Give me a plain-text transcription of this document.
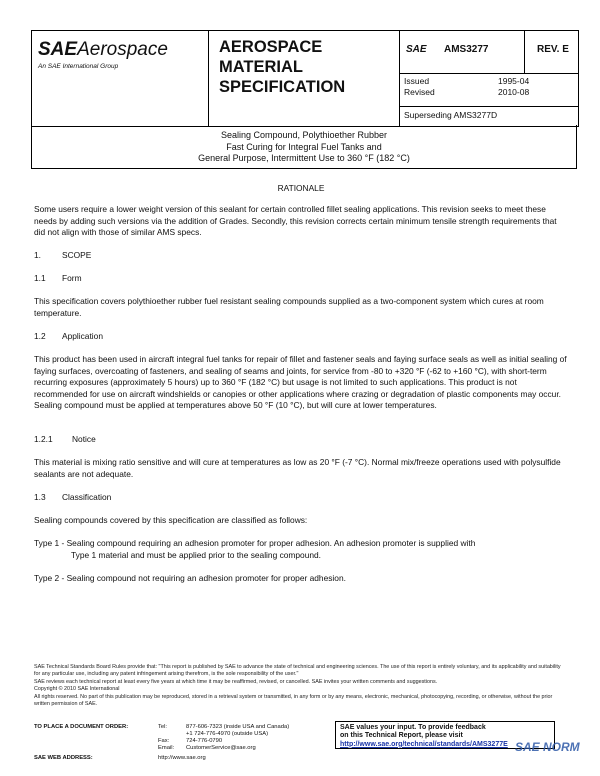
SAEAerospace
An SAE International Group
AEROSPACE
MATERIAL
SPECIFICATION
SAE AMS3277	REV. E
Issued	1995-04
Revised	2010-08
Superseding AMS3277D
Sealing Compound, Polythioether Rubber
Fast Curing for Integral Fuel Tanks and
General Purpose, Intermittent Use to 360 °F (182 °C)
RATIONALE
Some users require a lower weight version of this sealant for certain controlled fillet sealing applications. This revision seeks to meet these needs by adding such versions via the addition of Grades. Secondly, this revision corrects certain minimum tensile strength requirements that did not align with those of similar AMS specs.
1.	SCOPE
1.1 Form
This specification covers polythioether rubber fuel resistant sealing compounds supplied as a two-component system which cures at room temperature.
1.2 Application
This product has been used in aircraft integral fuel tanks for repair of fillet and fastener seals and faying surface seals as well as initial sealing of faying surfaces, overcoating of fasteners, and sealing of seams and joints, for service from -80 to +320 °F (-62 to +160 °C), with short-term recurring exposures (approximately 5 hours) up to 360 °F (182 °C) but usage is not limited to such applications. This product is not recommended for use on aircraft windshields or canopies or other applications where crazing or degradation of plastic components may occur. Sealing compound must be applied at temperatures above 50 °F (10 °C), but will cure at lower temperatures.
1.2.1 Notice
This material is mixing ratio sensitive and will cure at temperatures as low as 20 °F (-7 °C). Normal mix/freeze operations used with polysulfide sealants are not adequate.
1.3 Classification
Sealing compounds covered by this specification are classified as follows:
Type 1 - Sealing compound requiring an adhesion promoter for proper adhesion. An adhesion promoter is supplied with
Type 1 material and must be applied prior to the sealing compound.
Type 2 - Sealing compound not requiring an adhesion promoter for proper adhesion.
SAE Technical Standards Board Rules provide that: "This report is published by SAE to advance the state of technical and engineering sciences. The use of this report is entirely voluntary, and its applicability and suitability for any particular use, including any patent infringement arising therefrom, is the sole responsibility of the user."
SAE reviews each technical report at least every five years at which time it may be reaffirmed, revised, or cancelled. SAE invites your written comments and suggestions.
Copyright © 2010 SAE International
All rights reserved. No part of this publication may be reproduced, stored in a retrieval system or transmitted, in any form or by any means, electronic, mechanical, photocopying, recording, or otherwise, without the prior written permission of SAE.
TO PLACE A DOCUMENT ORDER:	Tel:	877-606-7323 (inside USA and Canada)
+1 724-776-4970 (outside USA)
Fax:	724-776-0790
Email: CustomerService@sae.org
SAE WEB ADDRESS:	http://www.sae.org
SAE values your input. To provide feedback
on this Technical Report, please visit
http://www.sae.org/technical/standards/AMS3277E SAE NORM
